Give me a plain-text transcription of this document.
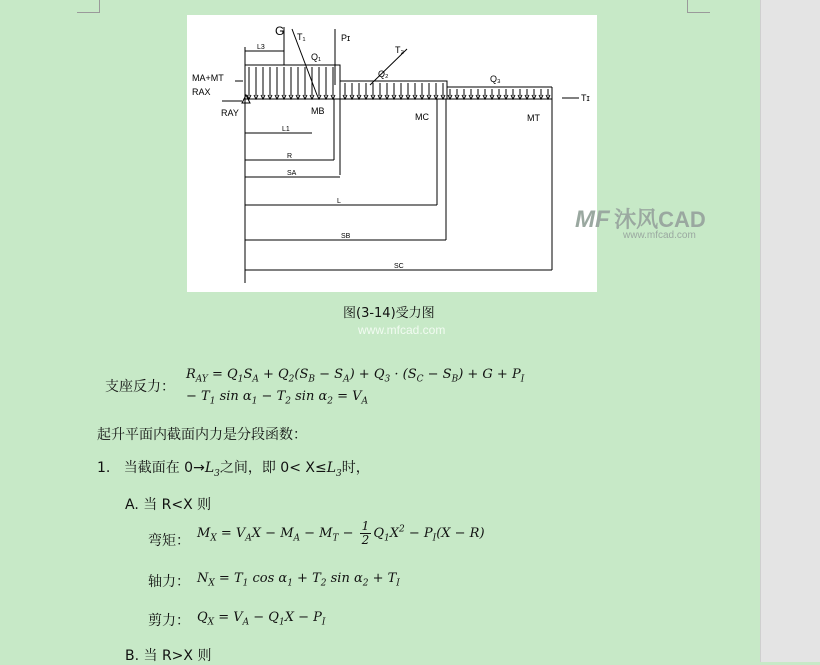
G T₁	Pɪ
T₂
Q₁
Q₂	Q₃
MA+MT
RAX
RAY	MB
MC	MT
Tɪ
L3
L1
R
SA
L
SB
SC
图(3-14)受力图
MF 沐风CAD
www.mfcad.com
www.mfcad.com
支座反力：
$R_{AY} = Q_1S_A + Q_2(S_B - S_A) + Q_3 \cdot (S_C - S_B) + G + P_I$
− $T_1$ $\sin \alpha_1 - T_2$ $\sin \alpha_2 = V_A$
起升平面内截面内力是分段函数：
1. 当截面在 $0\to L_3$之间，即 $0< X\le L_3$时，
A. 当 R<X 则
弯矩： $M_X = V_AX - M_A - M_T - \frac{1}{2} Q_1X^2 - P_I(X - R)$
轴力： $N_X = T_1$ $\cos \alpha_1 + T_2$ $\sin \alpha_2 + T_I$
剪力： $Q_X = V_A - Q_1X - P_I$
B. 当 R>X 则
